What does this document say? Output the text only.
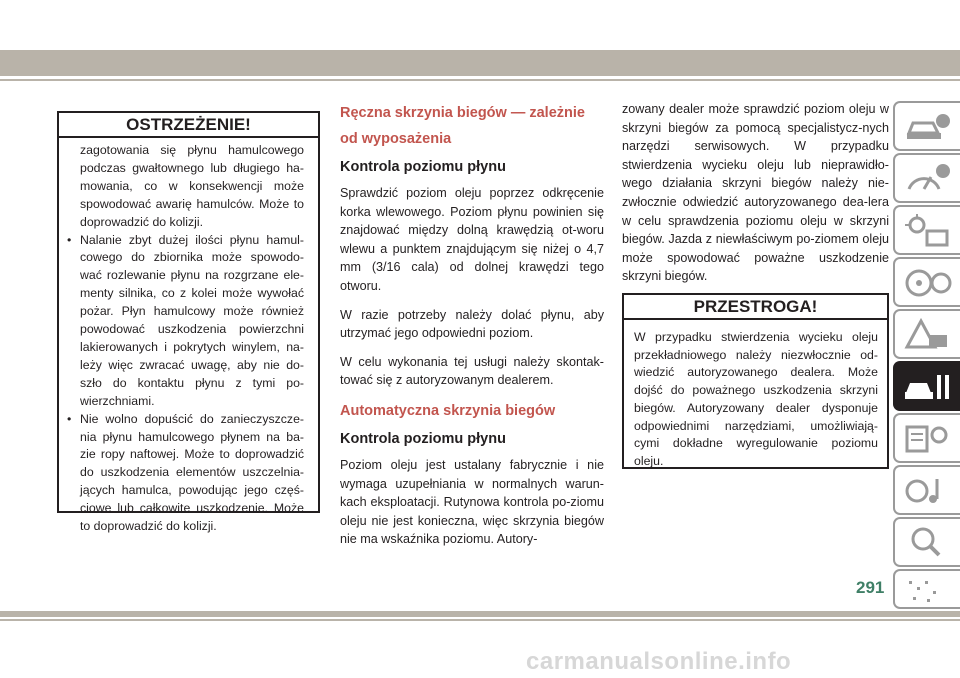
OSTRZEŻENIE!

zagotowania się płynu hamulcowego podczas gwałtownego lub długiego ha-mowania, co w konsekwencji może spowodować awarię hamulców. Może to doprowadzić do kolizji.

• Nalanie zbyt dużej ilości płynu hamul-cowego do zbiornika może spowodo-wać rozlewanie płynu na rozgrzane ele-menty silnika, co z kolei może wywołać pożar. Płyn hamulcowy może również powodować uszkodzenia powierzchni lakierowanych i pokrytych winylem, na-leży więc zwracać uwagę, aby nie do-szło do kontaktu płynu z tymi po-wierzchniami.
• Nie wolno dopuścić do zanieczyszcze-nia płynu hamulcowego płynem na ba-zie ropy naftowej. Może to doprowadzić do uszkodzenia elementów uszczelnia-jących hamulca, powodując jego częś-ciowe lub całkowite uszkodzenie. Może to doprowadzić do kolizji.
Ręczna skrzynia biegów — zależnie
od wyposażenia
Kontrola poziomu płynu

Sprawdzić poziom oleju poprzez odkręcenie korka wlewowego. Poziom płynu powinien się znajdować między dolną krawędzią ot-woru wlewu a punktem znajdującym się niżej o 4,7 mm (3/16 cala) od dolnej krawędzi tego otworu.

W razie potrzeby należy dolać płynu, aby utrzymać jego odpowiedni poziom.

W celu wykonania tej usługi należy skontak-tować się z autoryzowanym dealerem.

Automatyczna skrzynia biegów
Kontrola poziomu płynu

Poziom oleju jest ustalany fabrycznie i nie wymaga uzupełniania w normalnych warun-kach eksploatacji. Rutynowa kontrola po-ziomu oleju nie jest konieczna, więc skrzynia biegów nie ma wskaźnika poziomu. Autory-

zowany dealer może sprawdzić poziom oleju w skrzyni biegów za pomocą specjalistycz-nych narzędzi serwisowych. W przypadku stwierdzenia wycieku oleju lub nieprawidło-wego działania skrzyni biegów należy nie-zwłocznie odwiedzić autoryzowanego dea-lera w celu sprawdzenia poziomu oleju w skrzyni biegów. Jazda z niewłaściwym po-ziomem oleju może spowodować poważne uszkodzenie skrzyni biegów.

PRZESTROGA!
W przypadku stwierdzenia wycieku oleju przekładniowego należy niezwłocznie od-wiedzić autoryzowanego dealera. Może dojść do poważnego uszkodzenia skrzyni biegów. Autoryzowany dealer dysponuje odpowiednimi narzędziami, umożliwiają-cymi dokładne wyregulowanie poziomu oleju.
291
carmanualsonline.info
